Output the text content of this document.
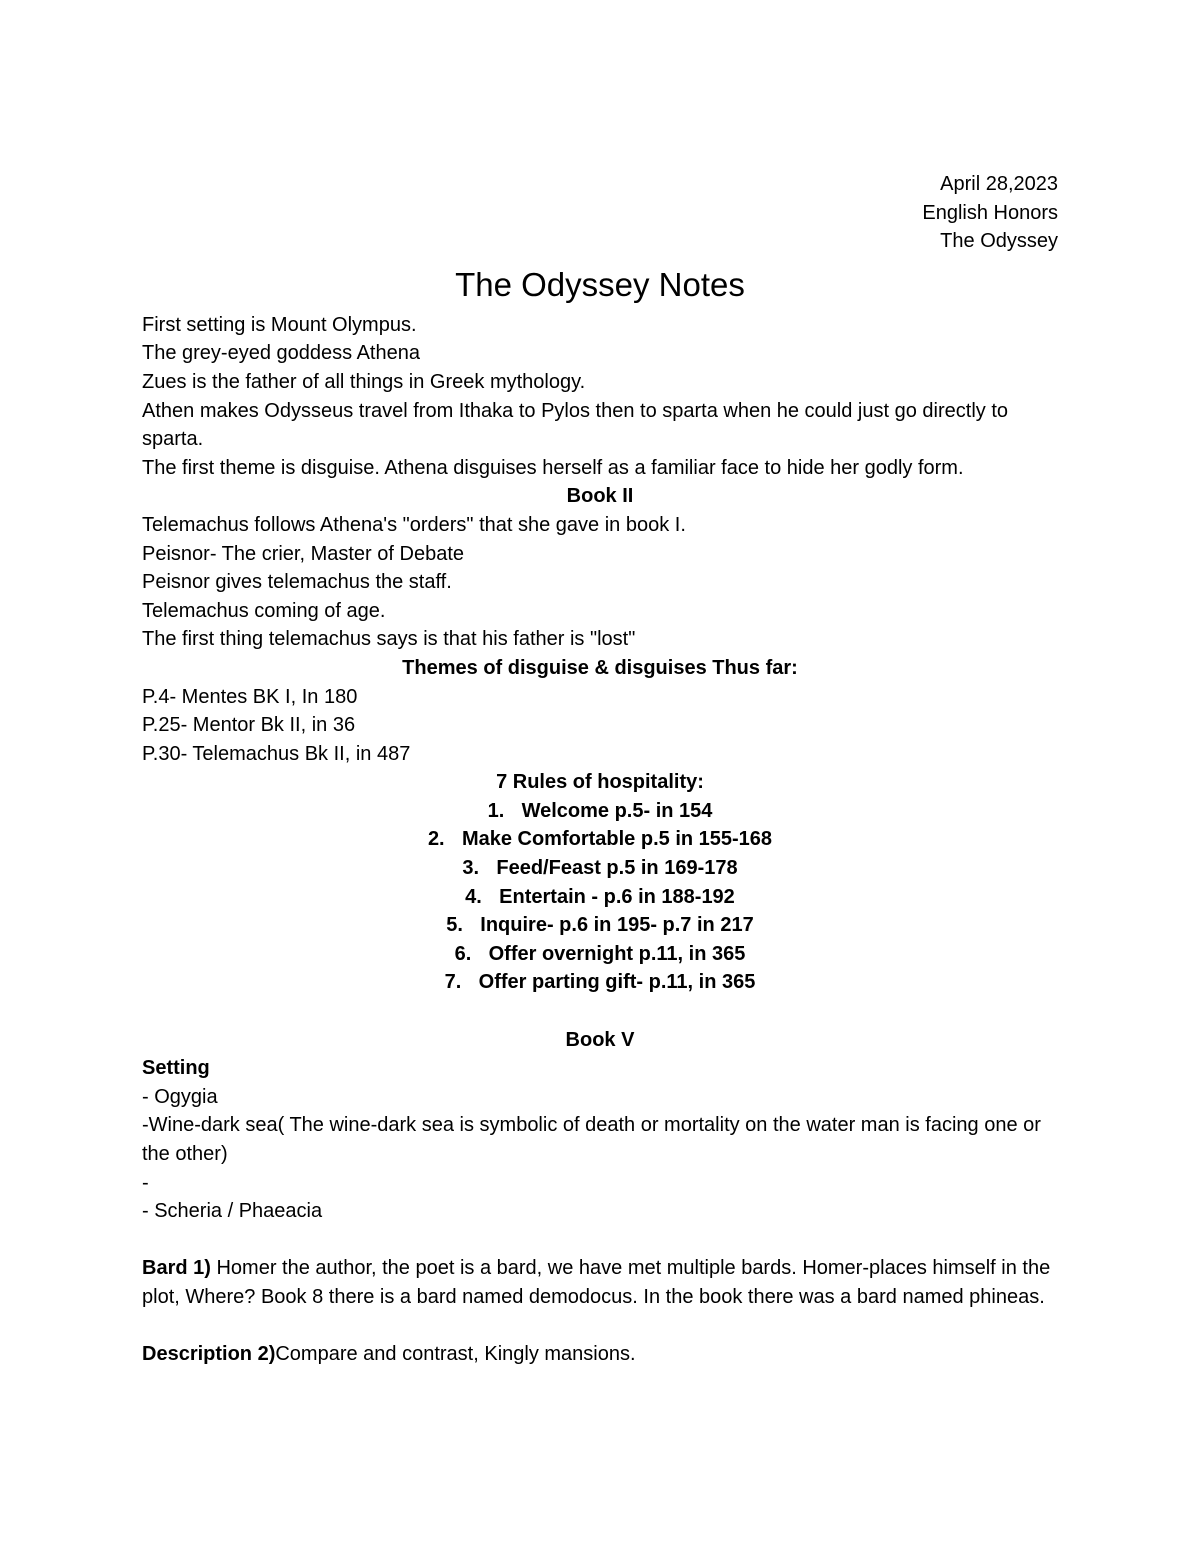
April 28,2023
English Honors
The Odyssey
The Odyssey Notes
First setting is Mount Olympus.
The grey-eyed goddess Athena
Zues is the father of all things in Greek mythology.
Athen makes Odysseus travel from Ithaka to Pylos then to sparta when he could just go directly to sparta.
The first theme is disguise. Athena disguises herself as a familiar face to hide her godly form.
Book II
Telemachus follows Athena's "orders" that she gave in book I.
Peisnor- The crier, Master of Debate
Peisnor gives telemachus the staff.
Telemachus coming of age.
The first thing telemachus says is that his father is "lost"
Themes of disguise & disguises Thus far:
P.4- Mentes BK I, In 180
P.25- Mentor Bk II, in 36
P.30- Telemachus Bk II, in 487
7 Rules of hospitality:
1. Welcome p.5- in 154
2. Make Comfortable p.5 in 155-168
3. Feed/Feast p.5 in 169-178
4. Entertain - p.6 in 188-192
5. Inquire- p.6 in 195- p.7 in 217
6. Offer overnight p.11, in 365
7. Offer parting gift- p.11, in 365
Book V
Setting
- Ogygia
-Wine-dark sea( The wine-dark sea is symbolic of death or mortality on the water man is facing one or the other)
-
- Scheria / Phaeacia
Bard 1) Homer the author, the poet is a bard, we have met multiple bards. Homer-places himself in the plot, Where? Book 8 there is a bard named demodocus. In the book there was a bard named phineas.
Description 2)Compare and contrast, Kingly mansions.
